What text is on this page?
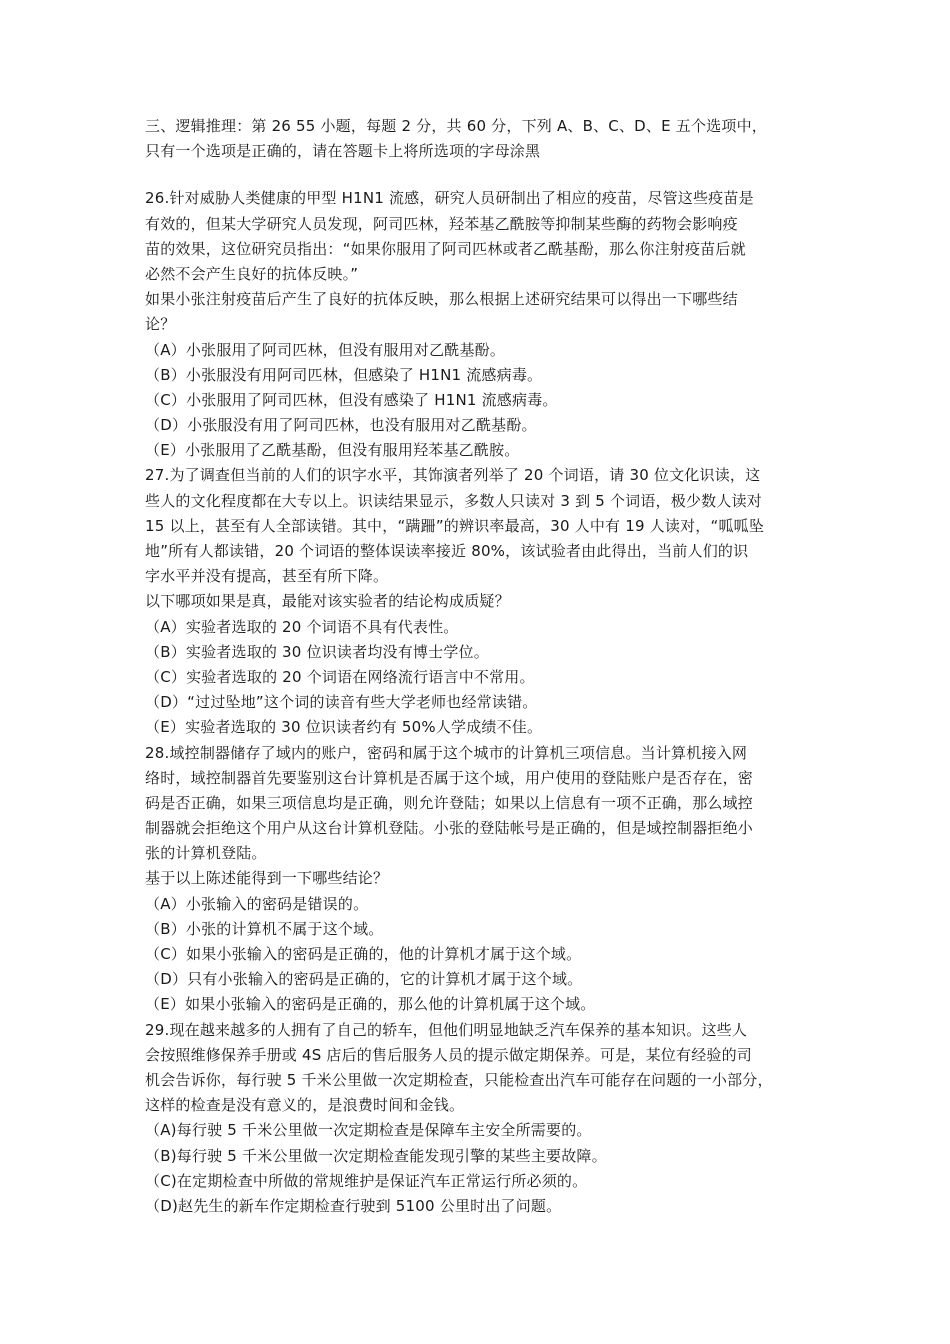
三、逻辑推理：第 26 55 小题，每题 2 分，共 60 分，下列 A、B、C、D、E 五个选项中，
只有一个选项是正确的，请在答题卡上将所选项的字母涂黑
26.针对威胁人类健康的甲型 H1N1 流感，研究人员研制出了相应的疫苗，尽管这些疫苗是
有效的，但某大学研究人员发现，阿司匹林，羟苯基乙酰胺等抑制某些酶的药物会影响疫
苗的效果，这位研究员指出：“如果你服用了阿司匹林或者乙酰基酚，那么你注射疫苗后就
必然不会产生良好的抗体反映。”
如果小张注射疫苗后产生了良好的抗体反映，那么根据上述研究结果可以得出一下哪些结
论？
（A）小张服用了阿司匹林，但没有服用对乙酰基酚。
（B）小张服没有用阿司匹林，但感染了 H1N1 流感病毒。
（C）小张服用了阿司匹林，但没有感染了 H1N1 流感病毒。
（D）小张服没有用了阿司匹林，也没有服用对乙酰基酚。
（E）小张服用了乙酰基酚，但没有服用羟苯基乙酰胺。
27.为了调查但当前的人们的识字水平，其饰演者列举了 20 个词语，请 30 位文化识读，这
些人的文化程度都在大专以上。识读结果显示，多数人只读对 3 到 5 个词语，极少数人读对
15 以上，甚至有人全部读错。其中，“蹒跚”的辨识率最高，30 人中有 19 人读对，“呱呱坠
地”所有人都读错，20 个词语的整体误读率接近 80%，该试验者由此得出，当前人们的识
字水平并没有提高，甚至有所下降。
以下哪项如果是真，最能对该实验者的结论构成质疑？
（A）实验者选取的 20 个词语不具有代表性。
（B）实验者选取的 30 位识读者均没有博士学位。
（C）实验者选取的 20 个词语在网络流行语言中不常用。
（D）“过过坠地”这个词的读音有些大学老师也经常读错。
（E）实验者选取的 30 位识读者约有 50%人学成绩不佳。
28.域控制器储存了域内的账户，密码和属于这个城市的计算机三项信息。当计算机接入网
络时，域控制器首先要鉴别这台计算机是否属于这个域，用户使用的登陆账户是否存在，密
码是否正确，如果三项信息均是正确，则允许登陆；如果以上信息有一项不正确，那么域控
制器就会拒绝这个用户从这台计算机登陆。小张的登陆帐号是正确的，但是域控制器拒绝小
张的计算机登陆。
基于以上陈述能得到一下哪些结论？
（A）小张输入的密码是错误的。
（B）小张的计算机不属于这个域。
（C）如果小张输入的密码是正确的，他的计算机才属于这个域。
（D）只有小张输入的密码是正确的，它的计算机才属于这个域。
（E）如果小张输入的密码是正确的，那么他的计算机属于这个域。
29.现在越来越多的人拥有了自己的轿车，但他们明显地缺乏汽车保养的基本知识。这些人
会按照维修保养手册或 4S 店后的售后服务人员的提示做定期保养。可是，某位有经验的司
机会告诉你，每行驶 5 千米公里做一次定期检查，只能检查出汽车可能存在问题的一小部分，
这样的检查是没有意义的，是浪费时间和金钱。
（A)每行驶 5 千米公里做一次定期检查是保障车主安全所需要的。
（B)每行驶 5 千米公里做一次定期检查能发现引擎的某些主要故障。
（C)在定期检查中所做的常规维护是保证汽车正常运行所必须的。
（D)赵先生的新车作定期检查行驶到 5100 公里时出了问题。
